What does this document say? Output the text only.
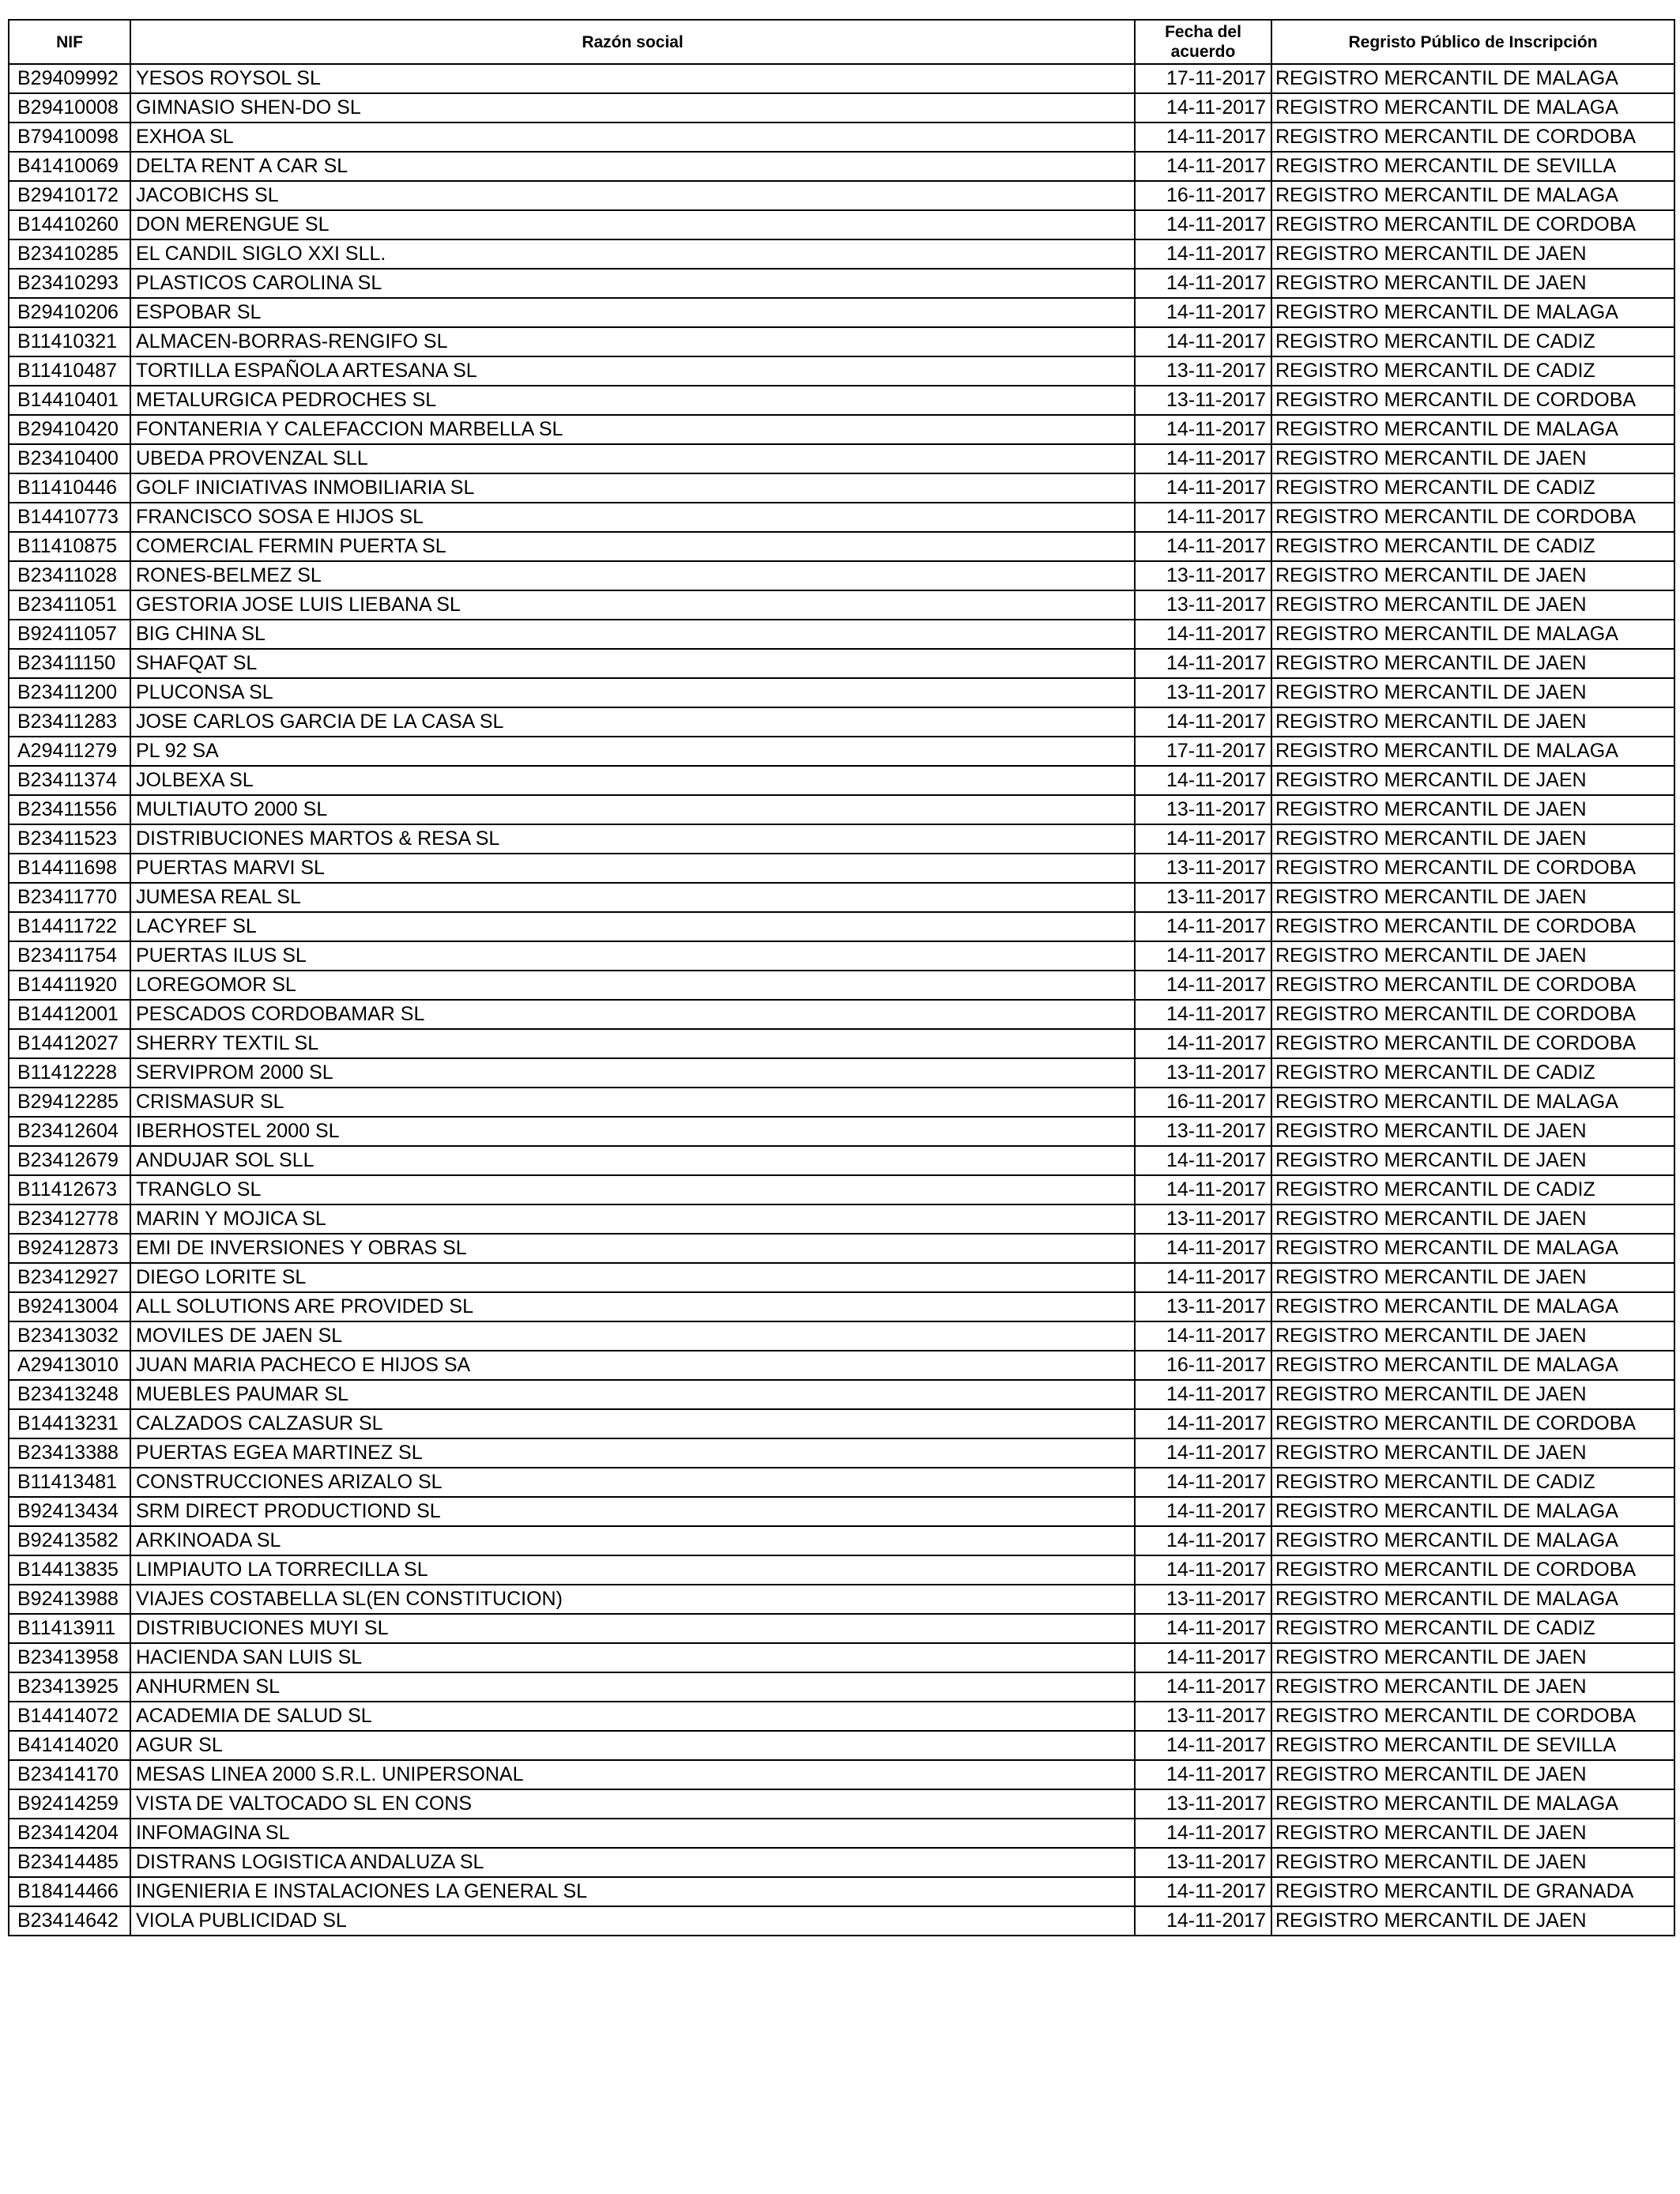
NIF	Razón social	Fecha del acuerdo	Regristo Público de Inscripción
B29409992	YESOS ROYSOL SL	17-11-2017	REGISTRO MERCANTIL DE MALAGA
B29410008	GIMNASIO SHEN-DO SL	14-11-2017	REGISTRO MERCANTIL DE MALAGA
B79410098	EXHOA SL	14-11-2017	REGISTRO MERCANTIL DE CORDOBA
B41410069	DELTA RENT A CAR SL	14-11-2017	REGISTRO MERCANTIL DE SEVILLA
B29410172	JACOBICHS SL	16-11-2017	REGISTRO MERCANTIL DE MALAGA
B14410260	DON MERENGUE SL	14-11-2017	REGISTRO MERCANTIL DE CORDOBA
B23410285	EL CANDIL SIGLO XXI SLL.	14-11-2017	REGISTRO MERCANTIL DE JAEN
B23410293	PLASTICOS CAROLINA SL	14-11-2017	REGISTRO MERCANTIL DE JAEN
B29410206	ESPOBAR SL	14-11-2017	REGISTRO MERCANTIL DE MALAGA
B11410321	ALMACEN-BORRAS-RENGIFO SL	14-11-2017	REGISTRO MERCANTIL DE CADIZ
B11410487	TORTILLA ESPAÑOLA ARTESANA SL	13-11-2017	REGISTRO MERCANTIL DE CADIZ
B14410401	METALURGICA PEDROCHES SL	13-11-2017	REGISTRO MERCANTIL DE CORDOBA
B29410420	FONTANERIA Y CALEFACCION MARBELLA SL	14-11-2017	REGISTRO MERCANTIL DE MALAGA
B23410400	UBEDA PROVENZAL SLL	14-11-2017	REGISTRO MERCANTIL DE JAEN
B11410446	GOLF INICIATIVAS INMOBILIARIA SL	14-11-2017	REGISTRO MERCANTIL DE CADIZ
B14410773	FRANCISCO SOSA E HIJOS SL	14-11-2017	REGISTRO MERCANTIL DE CORDOBA
B11410875	COMERCIAL FERMIN PUERTA SL	14-11-2017	REGISTRO MERCANTIL DE CADIZ
B23411028	RONES-BELMEZ SL	13-11-2017	REGISTRO MERCANTIL DE JAEN
B23411051	GESTORIA JOSE LUIS LIEBANA SL	13-11-2017	REGISTRO MERCANTIL DE JAEN
B92411057	BIG CHINA SL	14-11-2017	REGISTRO MERCANTIL DE MALAGA
B23411150	SHAFQAT SL	14-11-2017	REGISTRO MERCANTIL DE JAEN
B23411200	PLUCONSA SL	13-11-2017	REGISTRO MERCANTIL DE JAEN
B23411283	JOSE CARLOS GARCIA DE LA CASA SL	14-11-2017	REGISTRO MERCANTIL DE JAEN
A29411279	PL 92 SA	17-11-2017	REGISTRO MERCANTIL DE MALAGA
B23411374	JOLBEXA SL	14-11-2017	REGISTRO MERCANTIL DE JAEN
B23411556	MULTIAUTO 2000 SL	13-11-2017	REGISTRO MERCANTIL DE JAEN
B23411523	DISTRIBUCIONES MARTOS & RESA SL	14-11-2017	REGISTRO MERCANTIL DE JAEN
B14411698	PUERTAS MARVI SL	13-11-2017	REGISTRO MERCANTIL DE CORDOBA
B23411770	JUMESA REAL SL	13-11-2017	REGISTRO MERCANTIL DE JAEN
B14411722	LACYREF SL	14-11-2017	REGISTRO MERCANTIL DE CORDOBA
B23411754	PUERTAS ILUS SL	14-11-2017	REGISTRO MERCANTIL DE JAEN
B14411920	LOREGOMOR SL	14-11-2017	REGISTRO MERCANTIL DE CORDOBA
B14412001	PESCADOS CORDOBAMAR SL	14-11-2017	REGISTRO MERCANTIL DE CORDOBA
B14412027	SHERRY TEXTIL SL	14-11-2017	REGISTRO MERCANTIL DE CORDOBA
B11412228	SERVIPROM 2000 SL	13-11-2017	REGISTRO MERCANTIL DE CADIZ
B29412285	CRISMASUR SL	16-11-2017	REGISTRO MERCANTIL DE MALAGA
B23412604	IBERHOSTEL 2000 SL	13-11-2017	REGISTRO MERCANTIL DE JAEN
B23412679	ANDUJAR SOL SLL	14-11-2017	REGISTRO MERCANTIL DE JAEN
B11412673	TRANGLO SL	14-11-2017	REGISTRO MERCANTIL DE CADIZ
B23412778	MARIN Y MOJICA SL	13-11-2017	REGISTRO MERCANTIL DE JAEN
B92412873	EMI DE INVERSIONES Y OBRAS SL	14-11-2017	REGISTRO MERCANTIL DE MALAGA
B23412927	DIEGO LORITE SL	14-11-2017	REGISTRO MERCANTIL DE JAEN
B92413004	ALL SOLUTIONS ARE PROVIDED SL	13-11-2017	REGISTRO MERCANTIL DE MALAGA
B23413032	MOVILES DE JAEN SL	14-11-2017	REGISTRO MERCANTIL DE JAEN
A29413010	JUAN MARIA PACHECO E HIJOS SA	16-11-2017	REGISTRO MERCANTIL DE MALAGA
B23413248	MUEBLES PAUMAR SL	14-11-2017	REGISTRO MERCANTIL DE JAEN
B14413231	CALZADOS CALZASUR SL	14-11-2017	REGISTRO MERCANTIL DE CORDOBA
B23413388	PUERTAS EGEA MARTINEZ SL	14-11-2017	REGISTRO MERCANTIL DE JAEN
B11413481	CONSTRUCCIONES ARIZALO SL	14-11-2017	REGISTRO MERCANTIL DE CADIZ
B92413434	SRM DIRECT PRODUCTIOND SL	14-11-2017	REGISTRO MERCANTIL DE MALAGA
B92413582	ARKINOADA SL	14-11-2017	REGISTRO MERCANTIL DE MALAGA
B14413835	LIMPIAUTO LA TORRECILLA SL	14-11-2017	REGISTRO MERCANTIL DE CORDOBA
B92413988	VIAJES COSTABELLA SL(EN CONSTITUCION)	13-11-2017	REGISTRO MERCANTIL DE MALAGA
B11413911	DISTRIBUCIONES MUYI SL	14-11-2017	REGISTRO MERCANTIL DE CADIZ
B23413958	HACIENDA SAN LUIS SL	14-11-2017	REGISTRO MERCANTIL DE JAEN
B23413925	ANHURMEN SL	14-11-2017	REGISTRO MERCANTIL DE JAEN
B14414072	ACADEMIA DE SALUD SL	13-11-2017	REGISTRO MERCANTIL DE CORDOBA
B41414020	AGUR SL	14-11-2017	REGISTRO MERCANTIL DE SEVILLA
B23414170	MESAS LINEA 2000 S.R.L. UNIPERSONAL	14-11-2017	REGISTRO MERCANTIL DE JAEN
B92414259	VISTA DE VALTOCADO SL EN CONS	13-11-2017	REGISTRO MERCANTIL DE MALAGA
B23414204	INFOMAGINA SL	14-11-2017	REGISTRO MERCANTIL DE JAEN
B23414485	DISTRANS LOGISTICA ANDALUZA SL	13-11-2017	REGISTRO MERCANTIL DE JAEN
B18414466	INGENIERIA E INSTALACIONES LA GENERAL SL	14-11-2017	REGISTRO MERCANTIL DE GRANADA
B23414642	VIOLA PUBLICIDAD SL	14-11-2017	REGISTRO MERCANTIL DE JAEN
